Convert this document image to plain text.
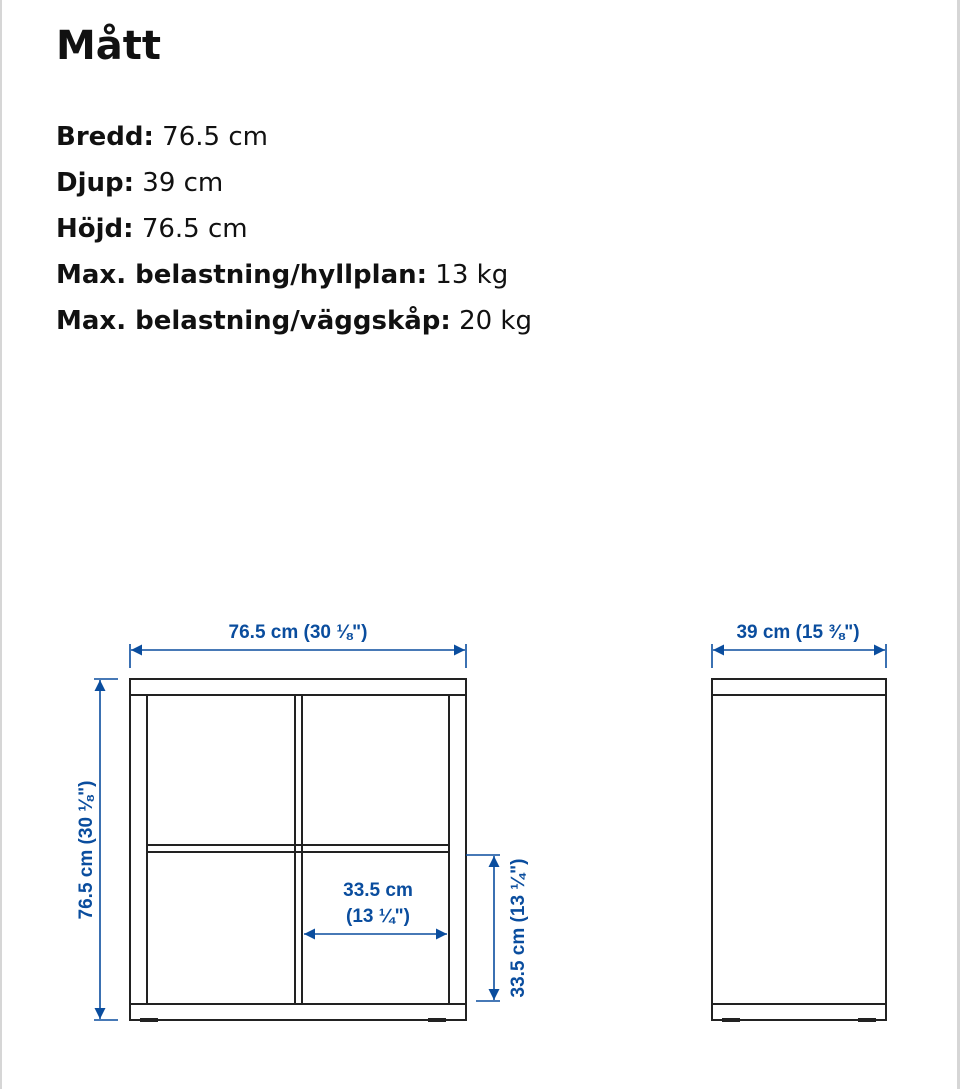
Mått
Bredd: 76.5 cm
Djup: 39 cm
Höjd: 76.5 cm
Max. belastning/hyllplan: 13 kg
Max. belastning/väggskåp: 20 kg
76.5 cm (30 ⅛")	39 cm (15 ⅜")
76.5 cm (30 ⅛")	33.5 cm
(13 ¼")	33.5 cm (13 ¼")
